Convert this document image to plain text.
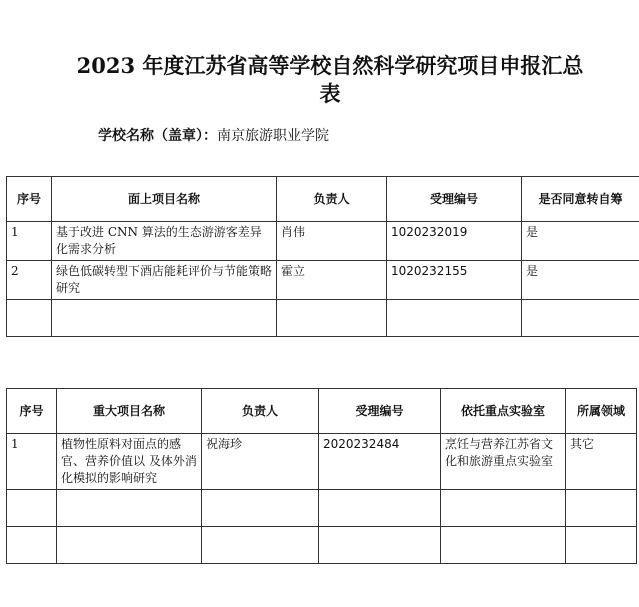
2023 年度江苏省高等学校自然科学研究项目申报汇总表
学校名称（盖章）：南京旅游职业学院
序号	面上项目名称	负责人	受理编号	是否同意转自筹
1	基于改进 CNN 算法的生态游游客差异化需求分析	肖伟	1020232019	是
2	绿色低碳转型下酒店能耗评价与节能策略研究	霍立	1020232155	是

序号	重大项目名称	负责人	受理编号	依托重点实验室	所属领域
1	植物性原料对面点的感官、营养价值以 及体外消化模拟的影响研究	祝海珍	2020232484	烹饪与营养江苏省文化和旅游重点实验室	其它
